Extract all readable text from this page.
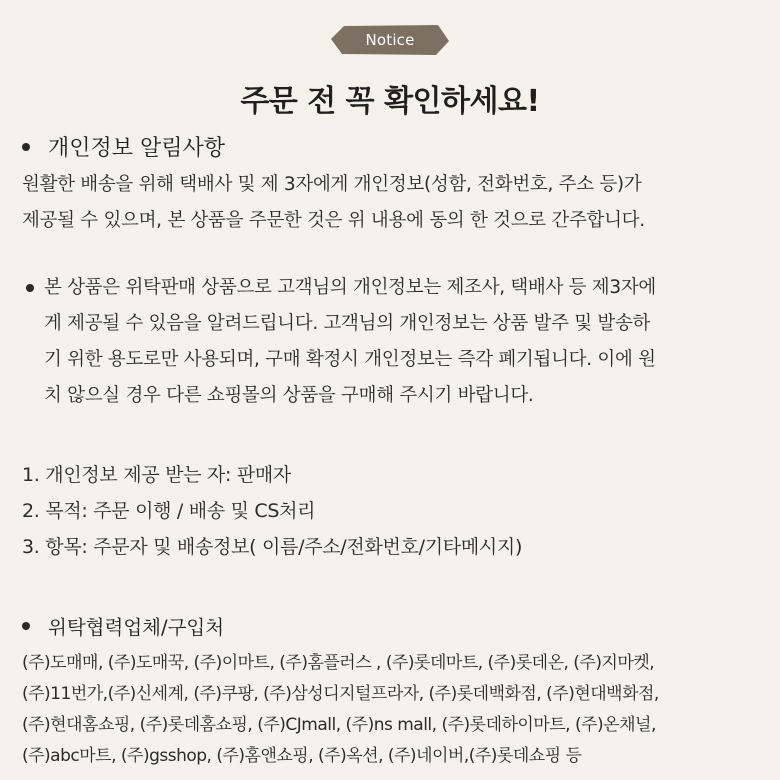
Notice
주문 전 꼭 확인하세요!
개인정보 알림사항
원활한 배송을 위해 택배사 및 제 3자에게 개인정보(성함, 전화번호, 주소 등)가
제공될 수 있으며, 본 상품을 주문한 것은 위 내용에 동의 한 것으로 간주합니다.
본 상품은 위탁판매 상품으로 고객님의 개인정보는 제조사, 택배사 등 제3자에
게 제공될 수 있음을 알려드립니다. 고객님의 개인정보는 상품 발주 및 발송하
기 위한 용도로만 사용되며, 구매 확정시 개인정보는 즉각 폐기됩니다. 이에 원
치 않으실 경우 다른 쇼핑몰의 상품을 구매해 주시기 바랍니다.
1. 개인정보 제공 받는 자: 판매자
2. 목적: 주문 이행 / 배송 및 CS처리
3. 항목: 주문자 및 배송정보( 이름/주소/전화번호/기타메시지)
위탁협력업체/구입처
(주)도매매, (주)도매꾹, (주)이마트, (주)홈플러스 , (주)롯데마트, (주)롯데온, (주)지마켓,
(주)11번가,(주)신세계, (주)쿠팡, (주)삼성디지털프라자, (주)롯데백화점, (주)현대백화점,
(주)현대홈쇼핑, (주)롯데홈쇼핑, (주)CJmall, (주)ns mall, (주)롯데하이마트, (주)온채널,
(주)abc마트, (주)gsshop, (주)홈앤쇼핑, (주)옥션, (주)네이버,(주)롯데쇼핑 등
